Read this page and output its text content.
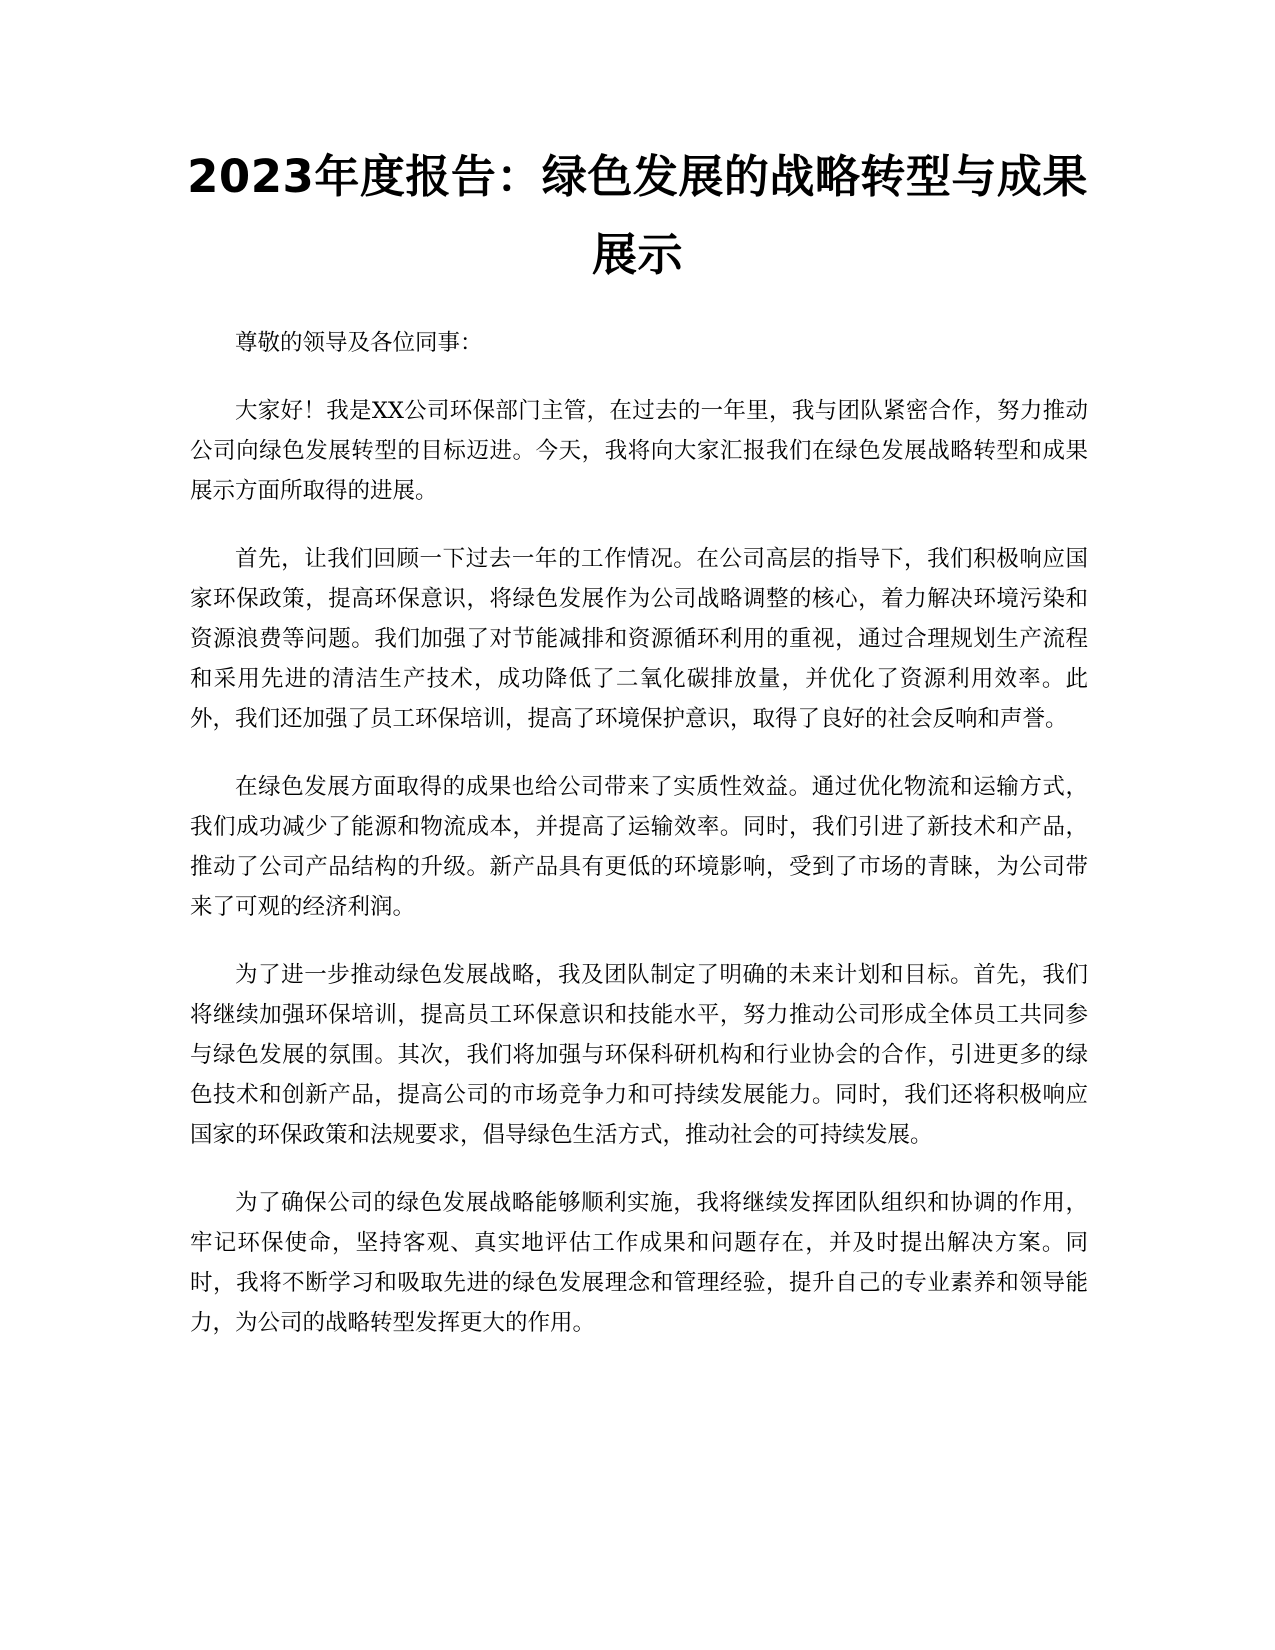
2023年度报告：绿色发展的战略转型与成果展示

尊敬的领导及各位同事：

大家好！我是XX公司环保部门主管，在过去的一年里，我与团队紧密合作，努力推动公司向绿色发展转型的目标迈进。今天，我将向大家汇报我们在绿色发展战略转型和成果展示方面所取得的进展。

首先，让我们回顾一下过去一年的工作情况。在公司高层的指导下，我们积极响应国家环保政策，提高环保意识，将绿色发展作为公司战略调整的核心，着力解决环境污染和资源浪费等问题。我们加强了对节能减排和资源循环利用的重视，通过合理规划生产流程和采用先进的清洁生产技术，成功降低了二氧化碳排放量，并优化了资源利用效率。此外，我们还加强了员工环保培训，提高了环境保护意识，取得了良好的社会反响和声誉。

在绿色发展方面取得的成果也给公司带来了实质性效益。通过优化物流和运输方式，我们成功减少了能源和物流成本，并提高了运输效率。同时，我们引进了新技术和产品，推动了公司产品结构的升级。新产品具有更低的环境影响，受到了市场的青睐，为公司带来了可观的经济利润。

为了进一步推动绿色发展战略，我及团队制定了明确的未来计划和目标。首先，我们将继续加强环保培训，提高员工环保意识和技能水平，努力推动公司形成全体员工共同参与绿色发展的氛围。其次，我们将加强与环保科研机构和行业协会的合作，引进更多的绿色技术和创新产品，提高公司的市场竞争力和可持续发展能力。同时，我们还将积极响应国家的环保政策和法规要求，倡导绿色生活方式，推动社会的可持续发展。

为了确保公司的绿色发展战略能够顺利实施，我将继续发挥团队组织和协调的作用，牢记环保使命，坚持客观、真实地评估工作成果和问题存在，并及时提出解决方案。同时，我将不断学习和吸取先进的绿色发展理念和管理经验，提升自己的专业素养和领导能力，为公司的战略转型发挥更大的作用。
